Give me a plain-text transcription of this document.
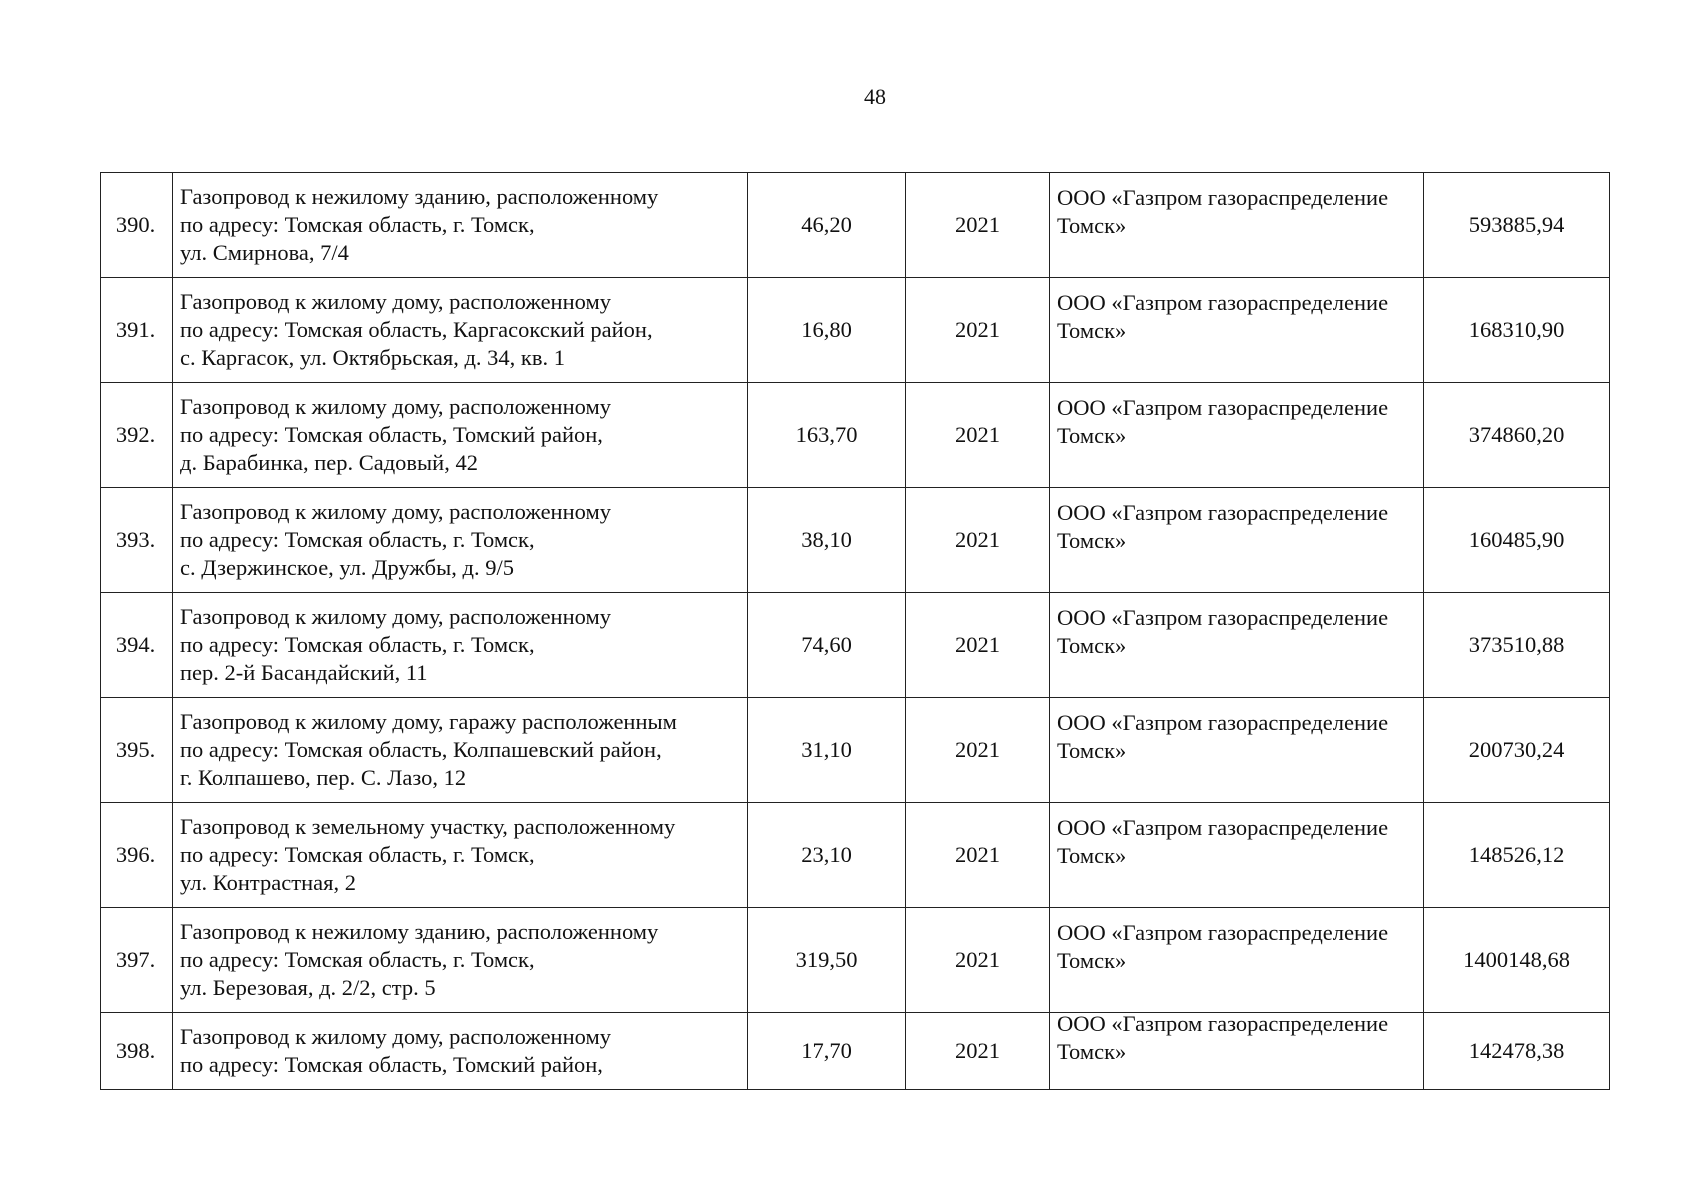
48
390.	Газопровод к нежилому зданию, расположенному
по адресу: Томская область, г. Томск,
ул. Смирнова, 7/4	46,20	2021	ООО «Газпром газораспределение
Томск»	593885,94
391.	Газопровод к жилому дому, расположенному
по адресу: Томская область, Каргасокский район,
с. Каргасок, ул. Октябрьская, д. 34, кв. 1	16,80	2021	ООО «Газпром газораспределение
Томск»	168310,90
392.	Газопровод к жилому дому, расположенному
по адресу: Томская область, Томский район,
д. Барабинка, пер. Садовый, 42	163,70	2021	ООО «Газпром газораспределение
Томск»	374860,20
393.	Газопровод к жилому дому, расположенному
по адресу: Томская область, г. Томск,
с. Дзержинское, ул. Дружбы, д. 9/5	38,10	2021	ООО «Газпром газораспределение
Томск»	160485,90
394.	Газопровод к жилому дому, расположенному
по адресу: Томская область, г. Томск,
пер. 2-й Басандайский, 11	74,60	2021	ООО «Газпром газораспределение
Томск»	373510,88
395.	Газопровод к жилому дому, гаражу расположенным
по адресу: Томская область, Колпашевский район,
г. Колпашево, пер. С. Лазо, 12	31,10	2021	ООО «Газпром газораспределение
Томск»	200730,24
396.	Газопровод к земельному участку, расположенному
по адресу: Томская область, г. Томск,
ул. Контрастная, 2	23,10	2021	ООО «Газпром газораспределение
Томск»	148526,12
397.	Газопровод к нежилому зданию, расположенному
по адресу: Томская область, г. Томск,
ул. Березовая, д. 2/2, стр. 5	319,50	2021	ООО «Газпром газораспределение
Томск»	1400148,68
398.	Газопровод к жилому дому, расположенному
по адресу: Томская область, Томский район,	17,70	2021	ООО «Газпром газораспределение
Томск»	142478,38
